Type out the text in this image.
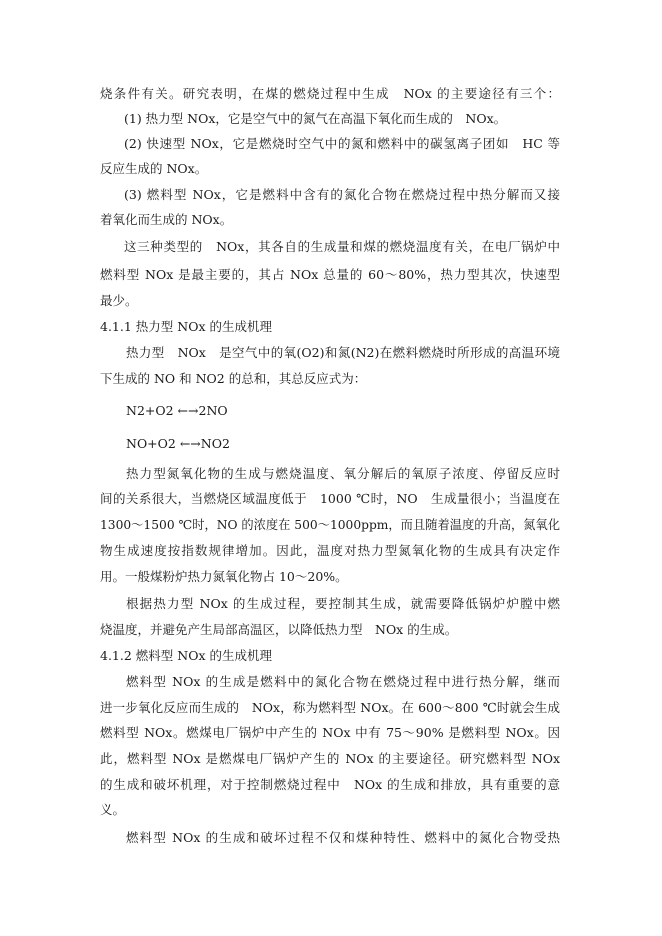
烧条件有关。研究表明，在煤的燃烧过程中生成　NOx 的主要途径有三个：
(1) 热力型 NOx，它是空气中的氮气在高温下氧化而生成的　NOx。
(2) 快速型 NOx，它是燃烧时空气中的氮和燃料中的碳氢离子团如　HC 等
反应生成的 NOx。
(3) 燃料型 NOx，它是燃料中含有的氮化合物在燃烧过程中热分解而又接
着氧化而生成的 NOx。
这三种类型的　NOx，其各自的生成量和煤的燃烧温度有关，在电厂锅炉中
燃料型 NOx 是最主要的，其占 NOx 总量的 60～80%，热力型其次，快速型
最少。
4.1.1 热力型 NOx 的生成机理
热力型　NOx　是空气中的氧(O2)和氮(N2)在燃料燃烧时所形成的高温环境
下生成的 NO 和 NO2 的总和，其总反应式为：
N2+O2 ←→2NO
NO+O2 ←→NO2
热力型氮氧化物的生成与燃烧温度、氧分解后的氧原子浓度、停留反应时
间的关系很大，当燃烧区域温度低于　1000 ℃时，NO　生成量很小；当温度在
1300～1500 ℃时，NO 的浓度在 500～1000ppm，而且随着温度的升高，氮氧化
物生成速度按指数规律增加。因此，温度对热力型氮氧化物的生成具有决定作
用。一般煤粉炉热力氮氧化物占 10～20%。
根据热力型 NOx 的生成过程，要控制其生成，就需要降低锅炉炉膛中燃
烧温度，并避免产生局部高温区，以降低热力型　NOx 的生成。
4.1.2 燃料型 NOx 的生成机理
燃料型 NOx 的生成是燃料中的氮化合物在燃烧过程中进行热分解，继而
进一步氧化反应而生成的　NOx，称为燃料型 NOx。在 600～800 ℃时就会生成
燃料型 NOx。燃煤电厂锅炉中产生的 NOx 中有 75～90% 是燃料型 NOx。因
此，燃料型 NOx 是燃煤电厂锅炉产生的 NOx 的主要途径。研究燃料型 NOx
的生成和破坏机理，对于控制燃烧过程中　NOx 的生成和排放，具有重要的意
义。
燃料型 NOx 的生成和破坏过程不仅和煤种特性、燃料中的氮化合物受热
